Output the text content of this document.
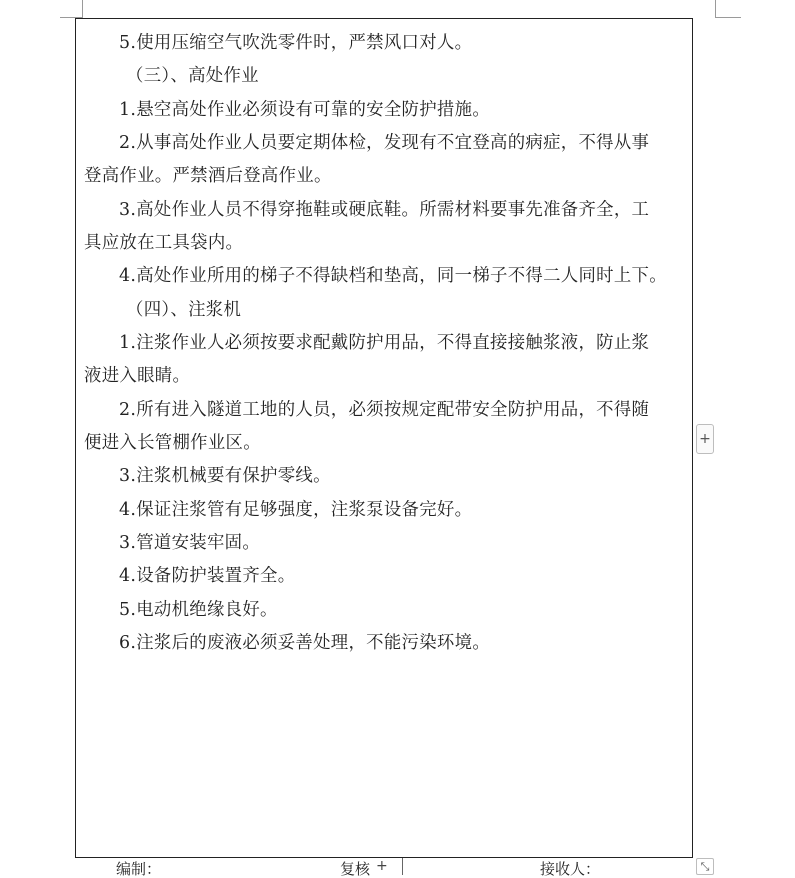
5.使用压缩空气吹洗零件时，严禁风口对人。
（三）、高处作业
1.悬空高处作业必须设有可靠的安全防护措施。
2.从事高处作业人员要定期体检，发现有不宜登高的病症，不得从事
登高作业。严禁酒后登高作业。
3.高处作业人员不得穿拖鞋或硬底鞋。所需材料要事先准备齐全，工
具应放在工具袋内。
4.高处作业所用的梯子不得缺档和垫高，同一梯子不得二人同时上下。
（四）、注浆机
1.注浆作业人必须按要求配戴防护用品，不得直接接触浆液，防止浆
液进入眼睛。
2.所有进入隧道工地的人员，必须按规定配带安全防护用品，不得随
便进入长管棚作业区。
3.注浆机械要有保护零线。
4.保证注浆管有足够强度，注浆泵设备完好。
3.管道安装牢固。
4.设备防护装置齐全。
5.电动机绝缘良好。
6.注浆后的废液必须妥善处理，不能污染环境。
+
编制：	复核 +	接收人：	⤡
